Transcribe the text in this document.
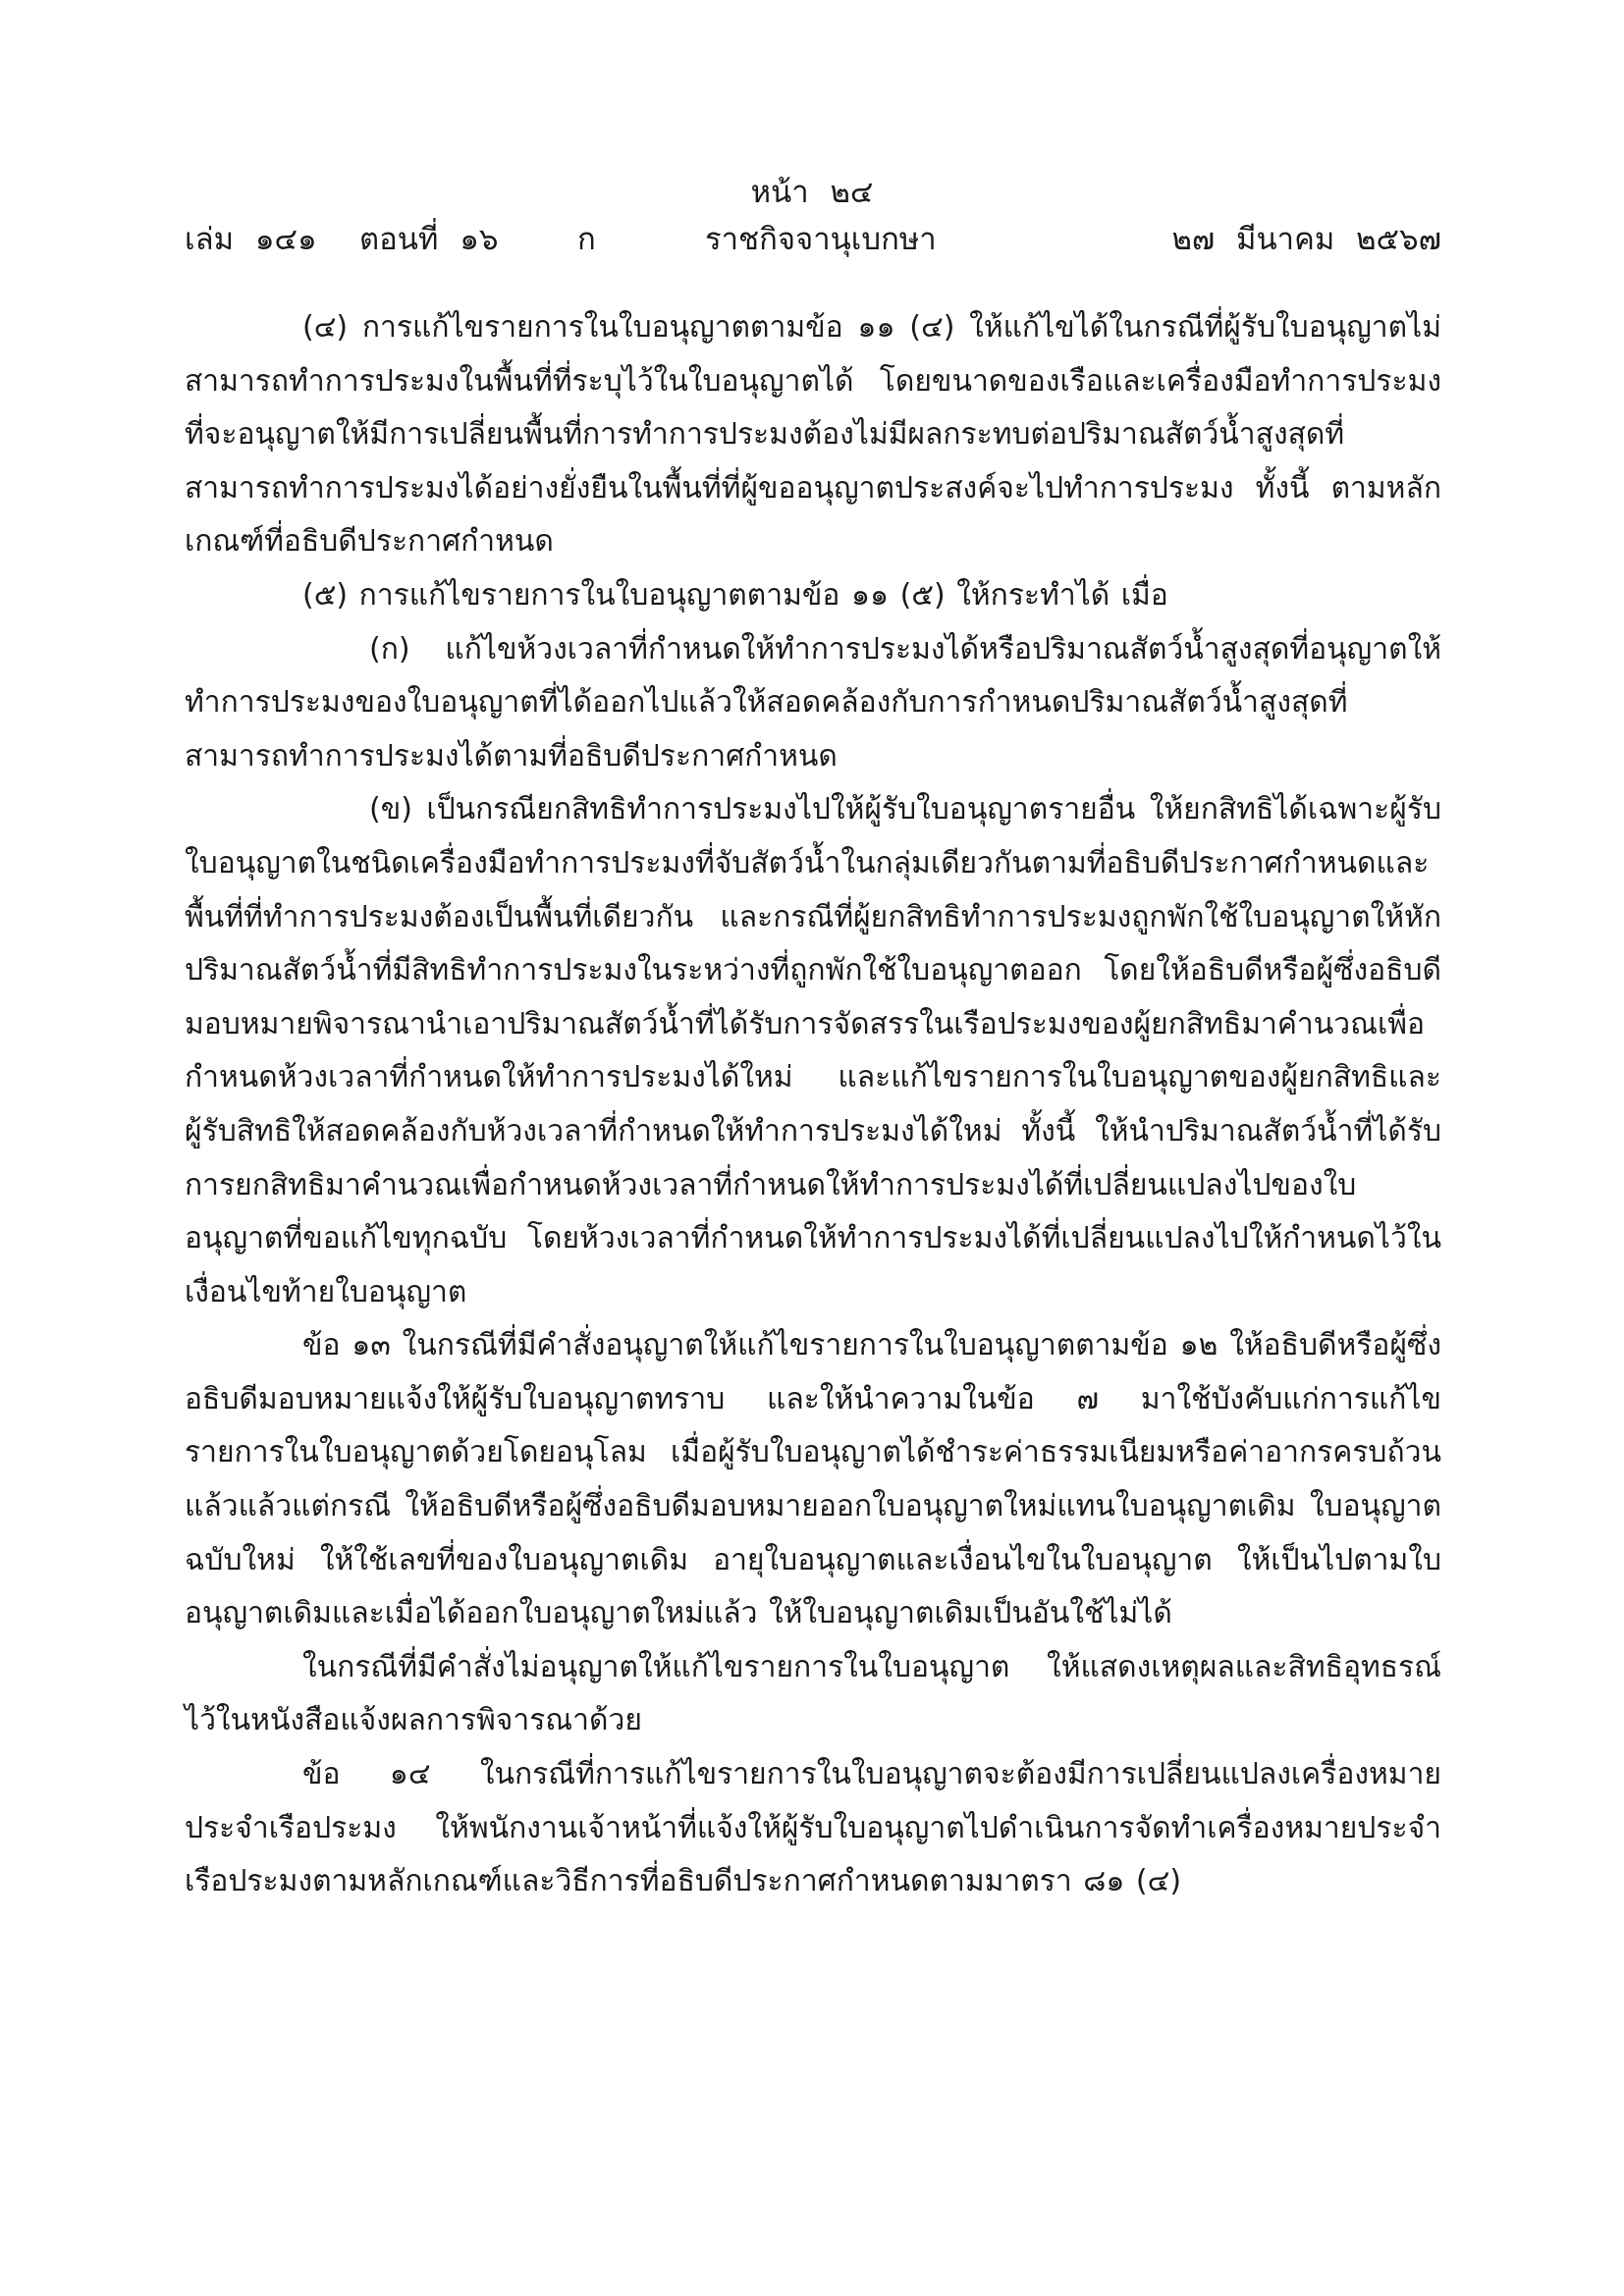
หน้า ๒๔
เล่ม ๑๔๑ ตอนที่ ๑๖	ก	ราชกิจจานุเบกษา	๒๗ มีนาคม ๒๕๖๗

(๔) การแก้ไขรายการในใบอนุญาตตามข้อ ๑๑ (๔) ให้แก้ไขได้ในกรณีที่ผู้รับใบอนุญาตไม่สามารถทำการประมงในพื้นที่ที่ระบุไว้ในใบอนุญาตได้ โดยขนาดของเรือและเครื่องมือทำการประมงที่จะอนุญาตให้มีการเปลี่ยนพื้นที่การทำการประมงต้องไม่มีผลกระทบต่อปริมาณสัตว์น้ำสูงสุดที่สามารถทำการประมงได้อย่างยั่งยืนในพื้นที่ที่ผู้ขออนุญาตประสงค์จะไปทำการประมง ทั้งนี้ ตามหลักเกณฑ์ที่อธิบดีประกาศกำหนด

(๕) การแก้ไขรายการในใบอนุญาตตามข้อ ๑๑ (๕) ให้กระทำได้ เมื่อ

(ก) แก้ไขห้วงเวลาที่กำหนดให้ทำการประมงได้หรือปริมาณสัตว์น้ำสูงสุดที่อนุญาตให้ทำการประมงของใบอนุญาตที่ได้ออกไปแล้วให้สอดคล้องกับการกำหนดปริมาณสัตว์น้ำสูงสุดที่สามารถทำการประมงได้ตามที่อธิบดีประกาศกำหนด

(ข) เป็นกรณียกสิทธิทำการประมงไปให้ผู้รับใบอนุญาตรายอื่น ให้ยกสิทธิได้เฉพาะผู้รับใบอนุญาตในชนิดเครื่องมือทำการประมงที่จับสัตว์น้ำในกลุ่มเดียวกันตามที่อธิบดีประกาศกำหนดและพื้นที่ที่ทำการประมงต้องเป็นพื้นที่เดียวกัน และกรณีที่ผู้ยกสิทธิทำการประมงถูกพักใช้ใบอนุญาตให้หักปริมาณสัตว์น้ำที่มีสิทธิทำการประมงในระหว่างที่ถูกพักใช้ใบอนุญาตออก โดยให้อธิบดีหรือผู้ซึ่งอธิบดีมอบหมายพิจารณานำเอาปริมาณสัตว์น้ำที่ได้รับการจัดสรรในเรือประมงของผู้ยกสิทธิมาคำนวณเพื่อกำหนดห้วงเวลาที่กำหนดให้ทำการประมงได้ใหม่ และแก้ไขรายการในใบอนุญาตของผู้ยกสิทธิและผู้รับสิทธิให้สอดคล้องกับห้วงเวลาที่กำหนดให้ทำการประมงได้ใหม่ ทั้งนี้ ให้นำปริมาณสัตว์น้ำที่ได้รับการยกสิทธิมาคำนวณเพื่อกำหนดห้วงเวลาที่กำหนดให้ทำการประมงได้ที่เปลี่ยนแปลงไปของใบอนุญาตที่ขอแก้ไขทุกฉบับ โดยห้วงเวลาที่กำหนดให้ทำการประมงได้ที่เปลี่ยนแปลงไปให้กำหนดไว้ในเงื่อนไขท้ายใบอนุญาต

ข้อ ๑๓ ในกรณีที่มีคำสั่งอนุญาตให้แก้ไขรายการในใบอนุญาตตามข้อ ๑๒ ให้อธิบดีหรือผู้ซึ่งอธิบดีมอบหมายแจ้งให้ผู้รับใบอนุญาตทราบ และให้นำความในข้อ ๗ มาใช้บังคับแก่การแก้ไขรายการในใบอนุญาตด้วยโดยอนุโลม เมื่อผู้รับใบอนุญาตได้ชำระค่าธรรมเนียมหรือค่าอากรครบถ้วนแล้วแล้วแต่กรณี ให้อธิบดีหรือผู้ซึ่งอธิบดีมอบหมายออกใบอนุญาตใหม่แทนใบอนุญาตเดิม ใบอนุญาตฉบับใหม่ ให้ใช้เลขที่ของใบอนุญาตเดิม อายุใบอนุญาตและเงื่อนไขในใบอนุญาต ให้เป็นไปตามใบอนุญาตเดิมและเมื่อได้ออกใบอนุญาตใหม่แล้ว ให้ใบอนุญาตเดิมเป็นอันใช้ไม่ได้

ในกรณีที่มีคำสั่งไม่อนุญาตให้แก้ไขรายการในใบอนุญาต ให้แสดงเหตุผลและสิทธิอุทธรณ์ไว้ในหนังสือแจ้งผลการพิจารณาด้วย

ข้อ ๑๔ ในกรณีที่การแก้ไขรายการในใบอนุญาตจะต้องมีการเปลี่ยนแปลงเครื่องหมายประจำเรือประมง ให้พนักงานเจ้าหน้าที่แจ้งให้ผู้รับใบอนุญาตไปดำเนินการจัดทำเครื่องหมายประจำเรือประมงตามหลักเกณฑ์และวิธีการที่อธิบดีประกาศกำหนดตามมาตรา ๘๑ (๔)
